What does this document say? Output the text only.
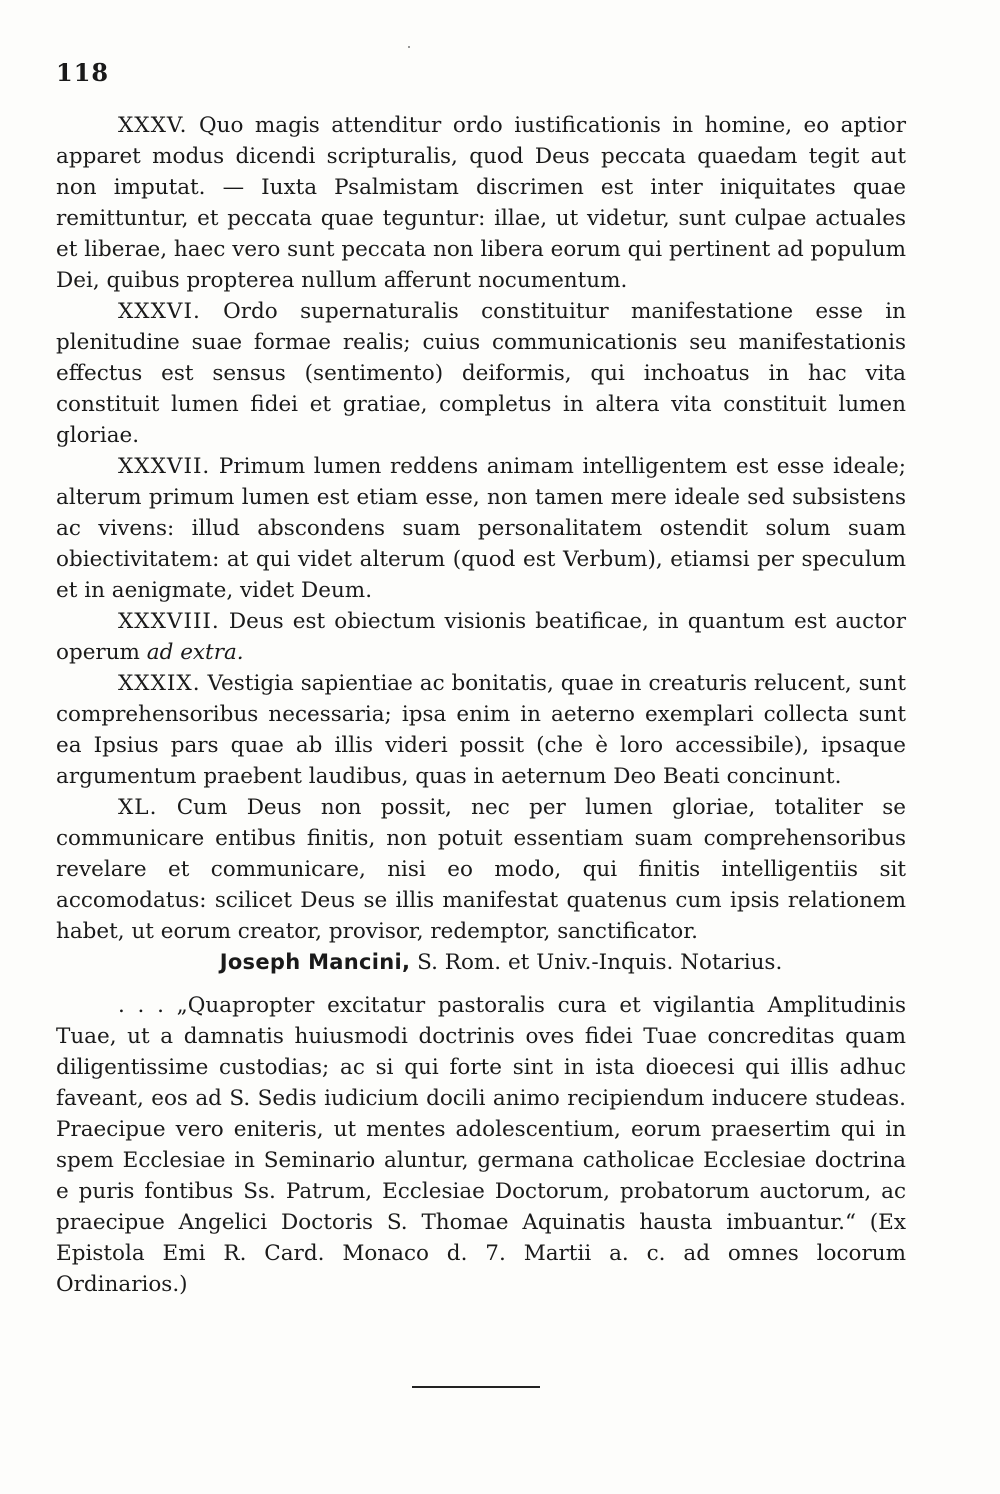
118

XXXV. Quo magis attenditur ordo iustificationis in homine, eo aptior apparet modus dicendi scripturalis, quod Deus peccata quaedam tegit aut non imputat. — Iuxta Psalmistam discrimen est inter iniquitates quae remittuntur, et peccata quae teguntur: illae, ut videtur, sunt culpae actuales et liberae, haec vero sunt peccata non libera eorum qui pertinent ad populum Dei, quibus propterea nullum afferunt nocumentum.

XXXVI. Ordo supernaturalis constituitur manifestatione esse in plenitudine suae formae realis; cuius communicationis seu manifestationis effectus est sensus (sentimento) deiformis, qui inchoatus in hac vita constituit lumen fidei et gratiae, completus in altera vita constituit lumen gloriae.

XXXVII. Primum lumen reddens animam intelligentem est esse ideale; alterum primum lumen est etiam esse, non tamen mere ideale sed subsistens ac vivens: illud abscondens suam personalitatem ostendit solum suam obiectivitatem: at qui videt alterum (quod est Verbum), etiamsi per speculum et in aenigmate, videt Deum.

XXXVIII. Deus est obiectum visionis beatificae, in quantum est auctor operum ad extra.

XXXIX. Vestigia sapientiae ac bonitatis, quae in creaturis relucent, sunt comprehensoribus necessaria; ipsa enim in aeterno exemplari collecta sunt ea Ipsius pars quae ab illis videri possit (che è loro accessibile), ipsaque argumentum praebent laudibus, quas in aeternum Deo Beati concinunt.

XL. Cum Deus non possit, nec per lumen gloriae, totaliter se communicare entibus finitis, non potuit essentiam suam comprehensoribus revelare et communicare, nisi eo modo, qui finitis intelligentiis sit accomodatus: scilicet Deus se illis manifestat quatenus cum ipsis relationem habet, ut eorum creator, provisor, redemptor, sanctificator.

Joseph Mancini, S. Rom. et Univ.-Inquis. Notarius.

. . . „Quapropter excitatur pastoralis cura et vigilantia Amplitudinis Tuae, ut a damnatis huiusmodi doctrinis oves fidei Tuae concreditas quam diligentissime custodias; ac si qui forte sint in ista dioecesi qui illis adhuc faveant, eos ad S. Sedis iudicium docili animo recipiendum inducere studeas. Praecipue vero eniteris, ut mentes adolescentium, eorum praesertim qui in spem Ecclesiae in Seminario aluntur, germana catholicae Ecclesiae doctrina e puris fontibus Ss. Patrum, Ecclesiae Doctorum, probatorum auctorum, ac praecipue Angelici Doctoris S. Thomae Aquinatis hausta imbuantur.“ (Ex Epistola Emi R. Card. Monaco d. 7. Martii a. c. ad omnes locorum Ordinarios.)
